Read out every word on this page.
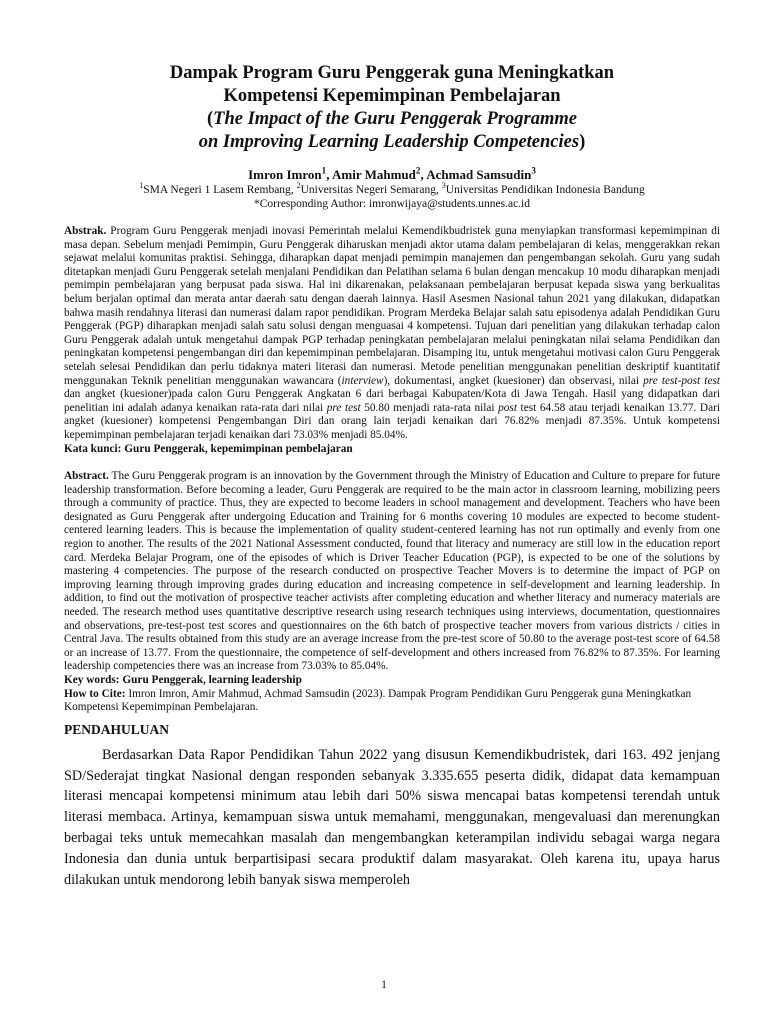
Dampak Program Guru Penggerak guna Meningkatkan

Kompetensi Kepemimpinan Pembelajaran

(The Impact of the Guru Penggerak Programme

on Improving Learning Leadership Competencies)

Imron Imron$^1$, Amir Mahmud$^2$, Achmad Samsudin$^3$
$^1$SMA Negeri 1 Lasem Rembang, $^2$Universitas Negeri Semarang, $^3$Universitas Pendidikan Indonesia Bandung
*Corresponding Author: imronwijaya@students.unnes.ac.id
Abstrak. Program Guru Penggerak menjadi inovasi Pemerintah melalui Kemendikbudristek guna menyiapkan transformasi kepemimpinan di masa depan. Sebelum menjadi Pemimpin, Guru Penggerak diharuskan menjadi aktor utama dalam pembelajaran di kelas, menggerakkan rekan sejawat melalui komunitas praktisi. Sehingga, diharapkan dapat menjadi pemimpin manajemen dan pengembangan sekolah. Guru yang sudah ditetapkan menjadi Guru Penggerak setelah menjalani Pendidikan dan Pelatihan selama 6 bulan dengan mencakup 10 modu diharapkan menjadi pemimpin pembelajaran yang berpusat pada siswa. Hal ini dikarenakan, pelaksanaan pembelajaran berpusat kepada siswa yang berkualitas belum berjalan optimal dan merata antar daerah satu dengan daerah lainnya. Hasil Asesmen Nasional tahun 2021 yang dilakukan, didapatkan bahwa masih rendahnya literasi dan numerasi dalam rapor pendidikan. Program Merdeka Belajar salah satu episodenya adalah Pendidikan Guru Penggerak (PGP) diharapkan menjadi salah satu solusi dengan menguasai 4 kompetensi. Tujuan dari penelitian yang dilakukan terhadap calon Guru Penggerak adalah untuk mengetahui dampak PGP terhadap peningkatan pembelajaran melalui peningkatan nilai selama Pendidikan dan peningkatan kompetensi pengembangan diri dan kepemimpinan pembelajaran. Disamping itu, untuk mengetahui motivasi calon Guru Penggerak setelah selesai Pendidikan dan perlu tidaknya materi literasi dan numerasi. Metode penelitian menggunakan penelitian deskriptif kuantitatif menggunakan Teknik penelitian menggunakan wawancara (interview), dokumentasi, angket (kuesioner) dan observasi, nilai pre test-post test dan angket (kuesioner)pada calon Guru Penggerak Angkatan 6 dari berbagai Kabupaten/Kota di Jawa Tengah. Hasil yang didapatkan dari penelitian ini adalah adanya kenaikan rata-rata dari nilai pre test 50.80 menjadi rata-rata nilai post test 64.58 atau terjadi kenaikan 13.77. Dari angket (kuesioner) kompetensi Pengembangan Diri dan orang lain terjadi kenaikan dari 76.82% menjadi 87.35%. Untuk kompetensi kepemimpinan pembelajaran terjadi kenaikan dari 73.03% menjadi 85.04%.
Kata kunci: Guru Penggerak, kepemimpinan pembelajaran
Abstract. The Guru Penggerak program is an innovation by the Government through the Ministry of Education and Culture to prepare for future leadership transformation. Before becoming a leader, Guru Penggerak are required to be the main actor in classroom learning, mobilizing peers through a community of practice. Thus, they are expected to become leaders in school management and development. Teachers who have been designated as Guru Penggerak after undergoing Education and Training for 6 months covering 10 modules are expected to become student-centered learning leaders. This is because the implementation of quality student-centered learning has not run optimally and evenly from one region to another. The results of the 2021 National Assessment conducted, found that literacy and numeracy are still low in the education report card. Merdeka Belajar Program, one of the episodes of which is Driver Teacher Education (PGP), is expected to be one of the solutions by mastering 4 competencies. The purpose of the research conducted on prospective Teacher Movers is to determine the impact of PGP on improving learning through improving grades during education and increasing competence in self-development and learning leadership. In addition, to find out the motivation of prospective teacher activists after completing education and whether literacy and numeracy materials are needed. The research method uses quantitative descriptive research using research techniques using interviews, documentation, questionnaires and observations, pre-test-post test scores and questionnaires on the 6th batch of prospective teacher movers from various districts / cities in Central Java. The results obtained from this study are an average increase from the pre-test score of 50.80 to the average post-test score of 64.58 or an increase of 13.77. From the questionnaire, the competence of self-development and others increased from 76.82% to 87.35%. For learning leadership competencies there was an increase from 73.03% to 85.04%.
Key words: Guru Penggerak, learning leadership
How to Cite: Imron Imron, Amir Mahmud, Achmad Samsudin (2023). Dampak Program Pendidikan Guru Penggerak guna Meningkatkan Kompetensi Kepemimpinan Pembelajaran.
PENDAHULUAN

Berdasarkan Data Rapor Pendidikan Tahun 2022 yang disusun Kemendikbudristek, dari 163. 492 jenjang SD/Sederajat tingkat Nasional dengan responden sebanyak 3.335.655 peserta didik, didapat data kemampuan literasi mencapai kompetensi minimum atau lebih dari 50% siswa mencapai batas kompetensi terendah untuk literasi membaca. Artinya, kemampuan siswa untuk memahami, menggunakan, mengevaluasi dan merenungkan berbagai teks untuk memecahkan masalah dan mengembangkan keterampilan individu sebagai warga negara Indonesia dan dunia untuk berpartisipasi secara produktif dalam masyarakat. Oleh karena itu, upaya harus dilakukan untuk mendorong lebih banyak siswa memperoleh

1
